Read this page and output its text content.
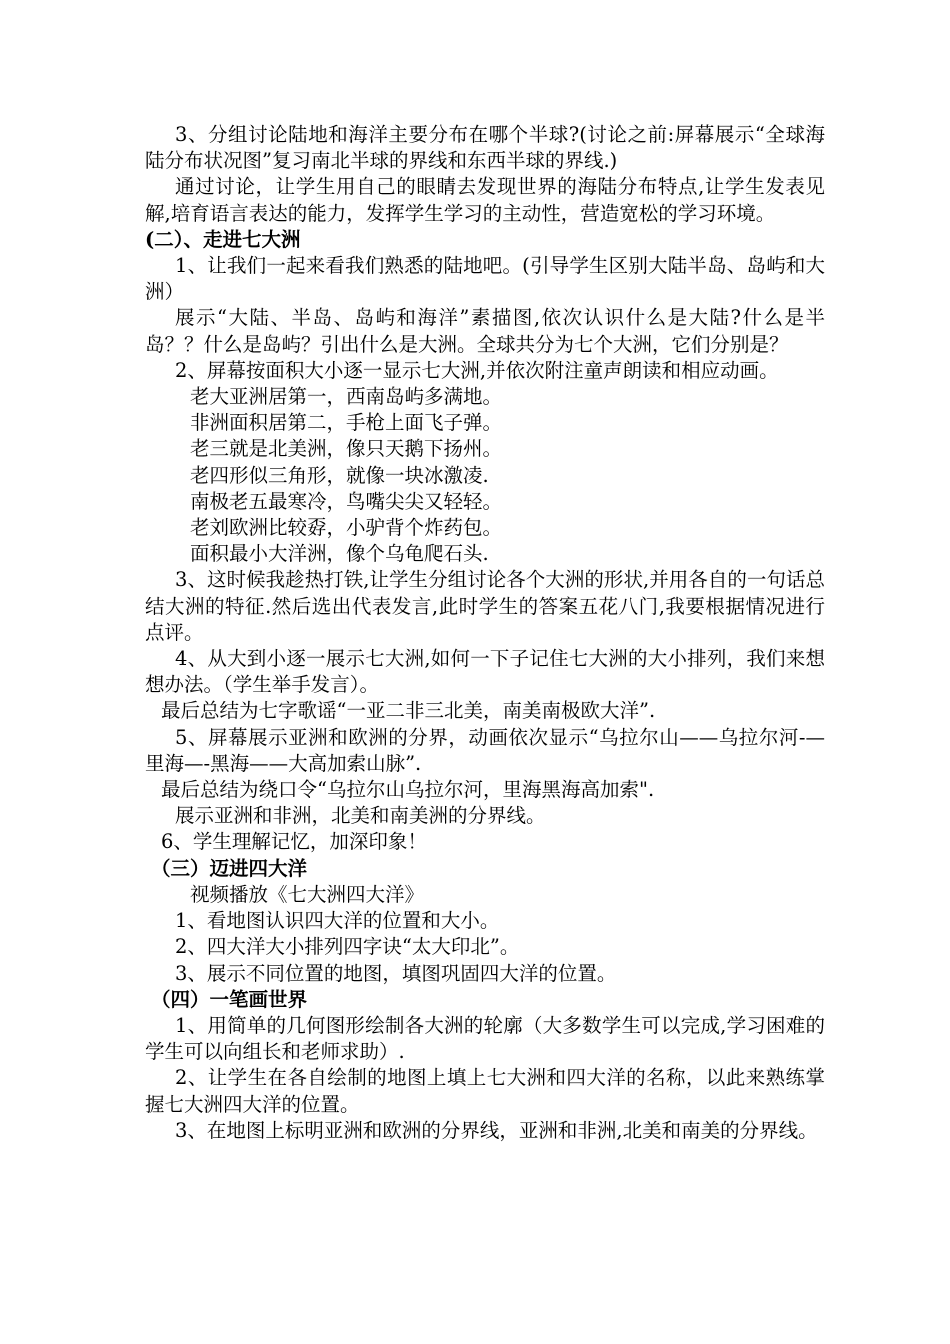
3、分组讨论陆地和海洋主要分布在哪个半球?(讨论之前:屏幕展示“全球海陆分布状况图”复习南北半球的界线和东西半球的界线.)

通过讨论，让学生用自己的眼睛去发现世界的海陆分布特点,让学生发表见解,培育语言表达的能力，发挥学生学习的主动性，营造宽松的学习环境。

(二）、走进七大洲

1、让我们一起来看我们熟悉的陆地吧。(引导学生区别大陆半岛、岛屿和大洲）

展示“大陆、半岛、岛屿和海洋”素描图,依次认识什么是大陆?什么是半岛？？什么是岛屿？引出什么是大洲。全球共分为七个大洲，它们分别是？

2、屏幕按面积大小逐一显示七大洲,并依次附注童声朗读和相应动画。

老大亚洲居第一，西南岛屿多满地。

非洲面积居第二，手枪上面飞子弹。

老三就是北美洲，像只天鹅下扬州。

老四形似三角形，就像一块冰激凌.

南极老五最寒冷，鸟嘴尖尖又轻轻。

老刘欧洲比较孬，小驴背个炸药包。

面积最小大洋洲，像个乌龟爬石头.

3、这时候我趁热打铁,让学生分组讨论各个大洲的形状,并用各自的一句话总结大洲的特征.然后选出代表发言,此时学生的答案五花八门,我要根据情况进行点评。

4、从大到小逐一展示七大洲,如何一下子记住七大洲的大小排列，我们来想想办法。（学生举手发言）。

最后总结为七字歌谣“一亚二非三北美，南美南极欧大洋”.

5、屏幕展示亚洲和欧洲的分界，动画依次显示“乌拉尔山——乌拉尔河-—里海—-黑海——大高加索山脉”.

最后总结为绕口令“乌拉尔山乌拉尔河，里海黑海高加索".

展示亚洲和非洲，北美和南美洲的分界线。

6、学生理解记忆，加深印象！

（三）迈进四大洋

视频播放《七大洲四大洋》

1、看地图认识四大洋的位置和大小。

2、四大洋大小排列四字诀“太大印北”。

3、展示不同位置的地图，填图巩固四大洋的位置。

（四）一笔画世界

1、用简单的几何图形绘制各大洲的轮廓（大多数学生可以完成,学习困难的学生可以向组长和老师求助）.

2、让学生在各自绘制的地图上填上七大洲和四大洋的名称，以此来熟练掌握七大洲四大洋的位置。

3、在地图上标明亚洲和欧洲的分界线，亚洲和非洲,北美和南美的分界线。
